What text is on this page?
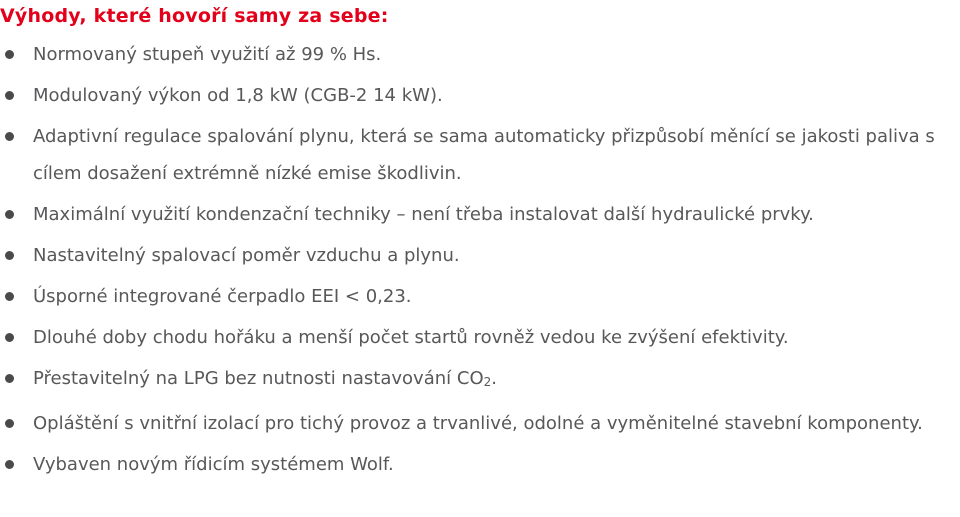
Výhody, které hovoří samy za sebe:
Normovaný stupeň využití až 99 % Hs.
Modulovaný výkon od 1,8 kW (CGB-2 14 kW).
Adaptivní regulace spalování plynu, která se sama automaticky přizpůsobí měnící se jakosti paliva s cílem dosažení extrémně nízké emise škodlivin.
Maximální využití kondenzační techniky – není třeba instalovat další hydraulické prvky.
Nastavitelný spalovací poměr vzduchu a plynu.
Úsporné integrované čerpadlo EEI < 0,23.
Dlouhé doby chodu hořáku a menší počet startů rovněž vedou ke zvýšení efektivity.
Přestavitelný na LPG bez nutnosti nastavování $CO_2$.
Opláštění s vnitřní izolací pro tichý provoz a trvanlivé, odolné a vyměnitelné stavební komponenty.
Vybaven novým řídicím systémem Wolf.
